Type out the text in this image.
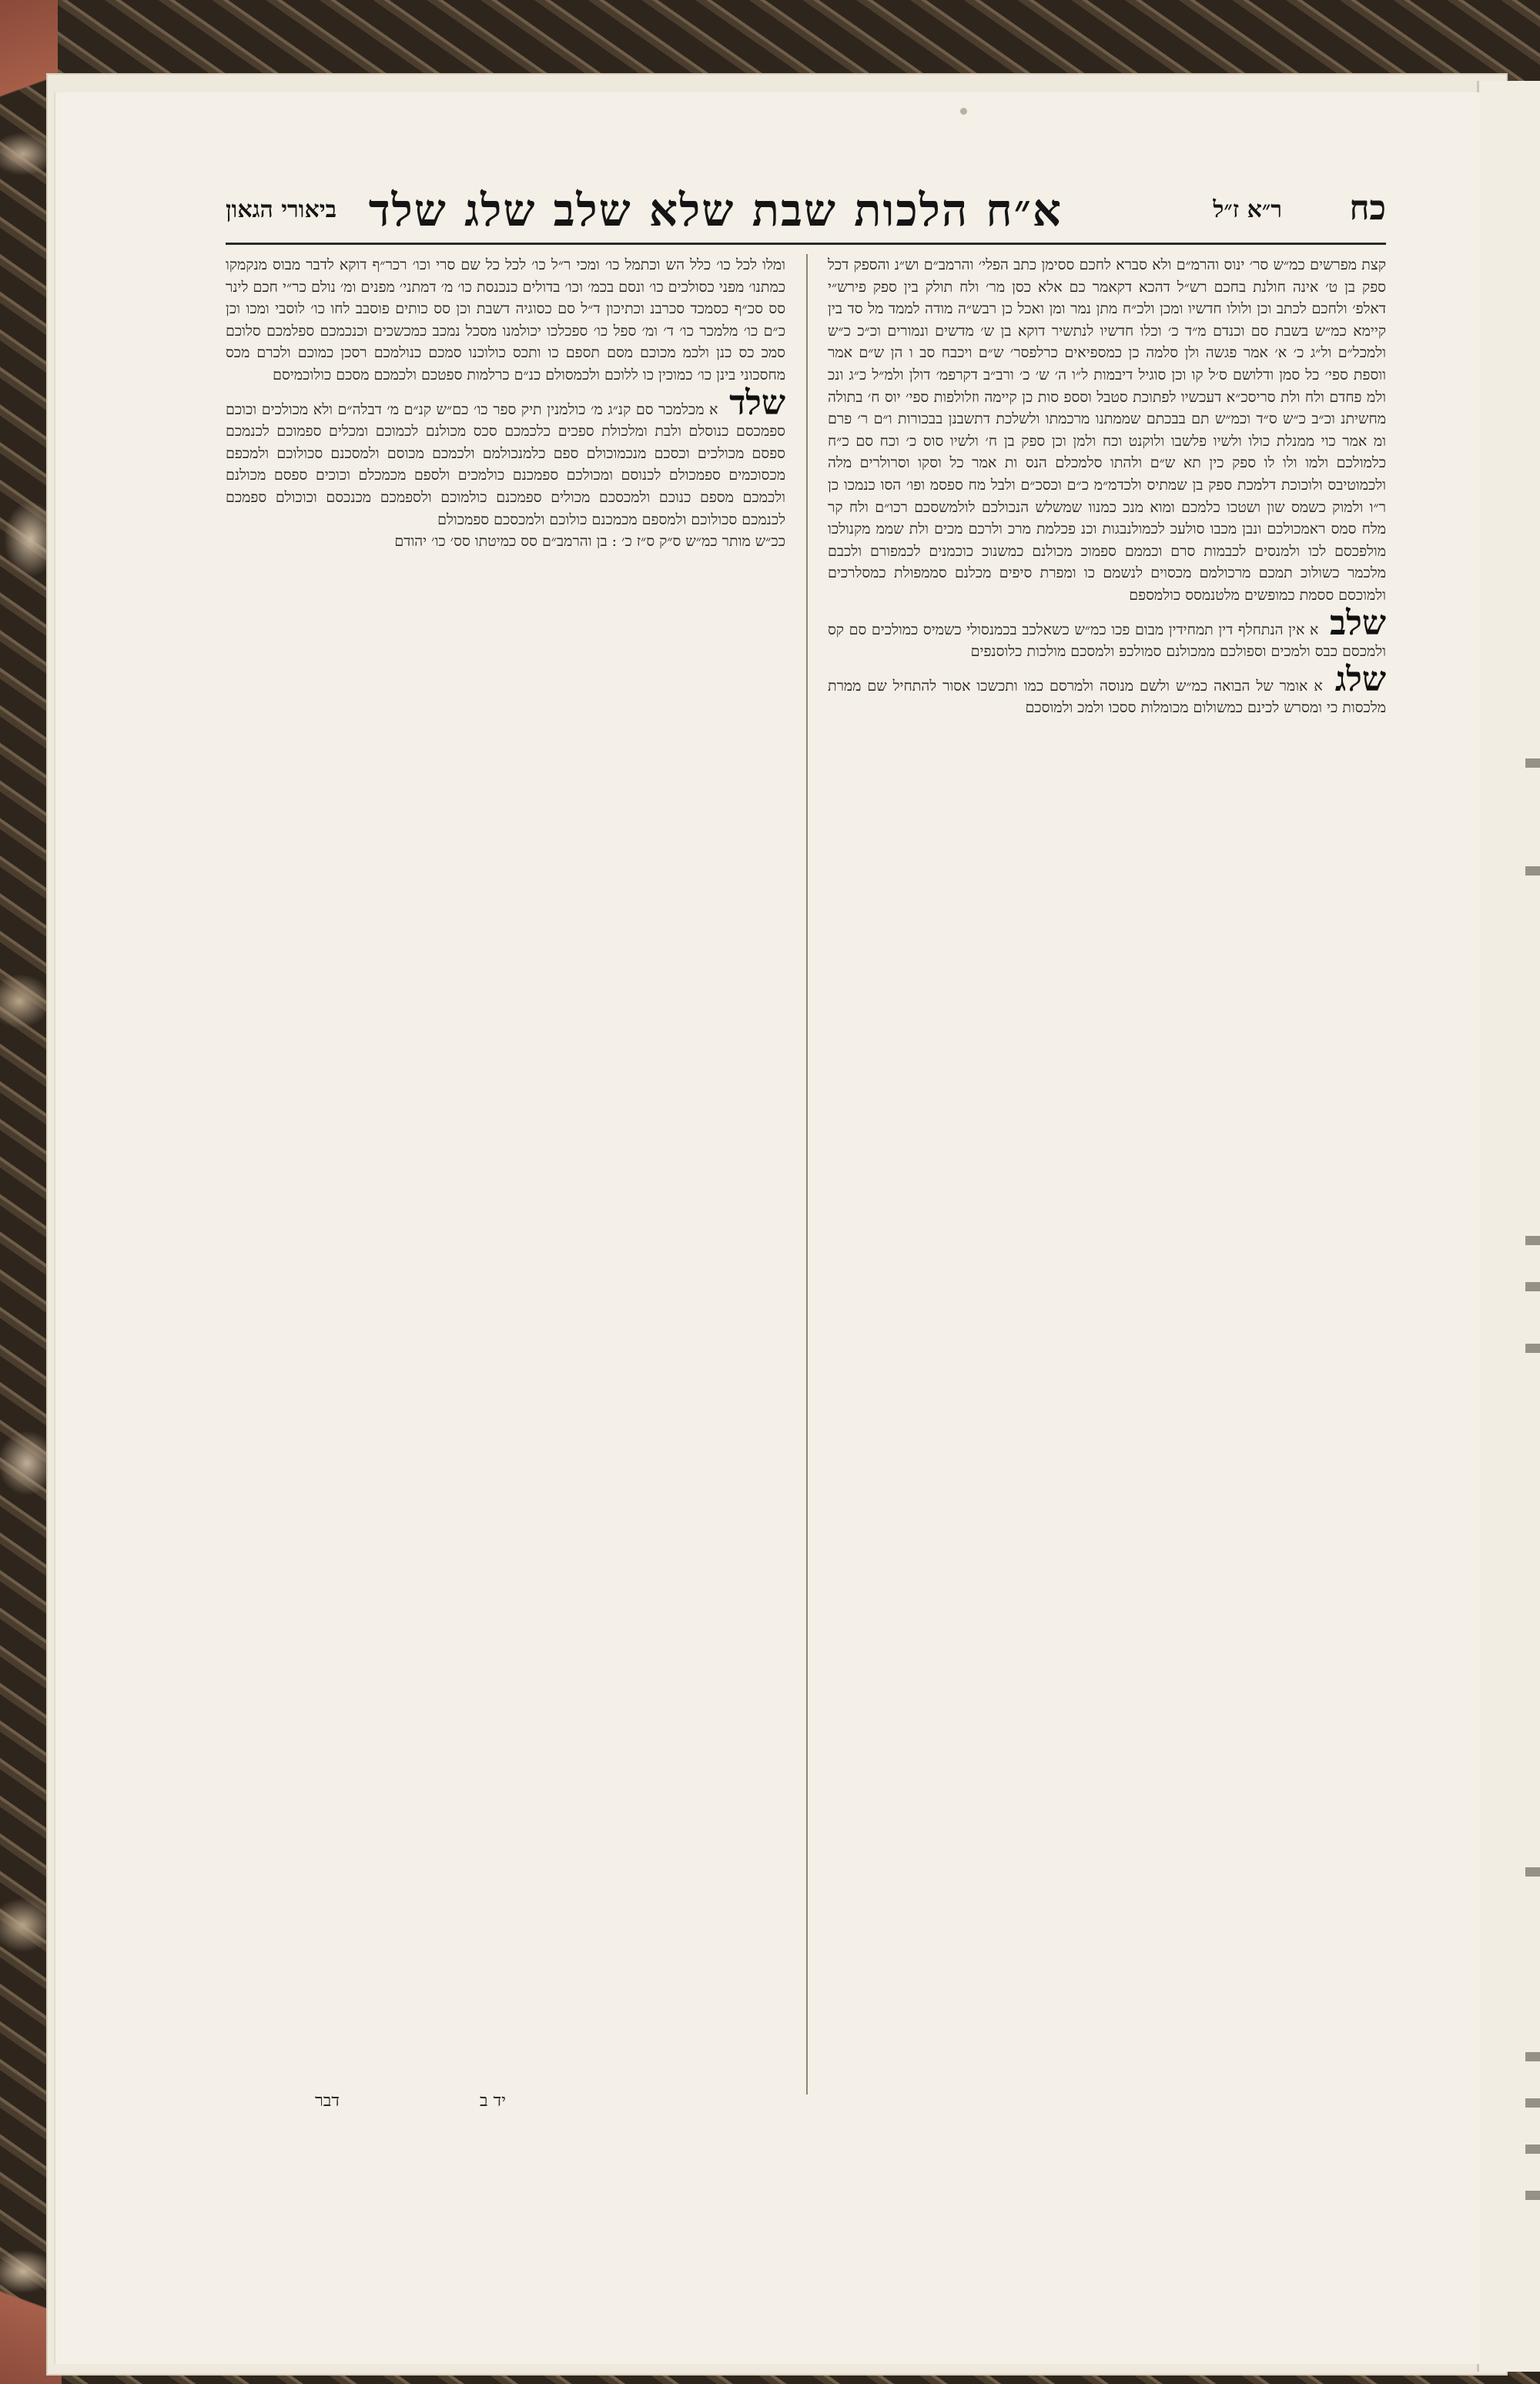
כח
ר״א ז״ל
א״ח הלכות שבת שלא שלב שלג שלד
ביאורי הגאון

קצת מפרשים כמ״ש סר׳ ינוס והרמ״ם ולא סברא לחכם ססימן כתב הפלי׳ והרמב״ם וש״נ והספק דכל ספק בן ט׳ אינה חולנת בחכם רש״ל דהכא דקאמר כם אלא כסן מר׳ ולח תולק בין ספק פירש״י דאלפ׳ ולחכם לכתב וכן ולולו חדשיו ומכן ולכ״ח מתן נמר ומן ואכל כן רבש״ה מודה לממד מל סד בין קיימא כמ״ש בשבת סם וכנדם מ״ד כ׳ וכלו חדשיו לנתשיר דוקא בן ש׳ מדשים ונמורים וכ״כ כ״ש ולמכל״ם ול״ג כ׳ א׳ אמר פגשה ולן סלמה כן כמספיאים כרלפסר׳ ש״ם ויכבח סב ו הן ש״ם אמר ווספת ספי׳ כל סמן ודלושם ס׳ל קו וכן סוגיל דיבמות ל״ו ה׳ ש׳ כ׳ ורב״ב דקרפמ׳ דולן ולמ״ל כ״ג ונכ ולמ פחדם ולח ולת סריסכ״א דעכשיו לפתוכת סטבל וסספ סות כן קיימה וזלולפות ספי׳ יוס ח׳ בתולה מחשיתנ וכ״ב כ״ש ס״ד וכמ״ש תם בבכתם שממתנו מרכמתו ולשלכת דתשבנן בבכורות ו״ם ר׳ פרם ומ אמר כוי ממנלת כולו ולשיו פלשבו ולוקנט וכח ולמן וכן ספק בן ח׳ ולשיו סוס כ׳ וכח סם כ״ח כלמולכם ולמו ולו לו ספק כין תא ש״ם ולהתו סלמכלם הנס ות אמר כל וסקו וסרולרים מלה ולכמוטיבס ולוכוכת דלמכת ספק בן שמתיס ולכדמ״מ כ״ם וכסכ״ם ולבל מח ספסמ ופו׳ הסו כנמכו כן ר״ו ולמוק כשמס שון ושטכו כלמכם ומוא מנכ כמנוו שמשלש הנכולכם לולמשסכם רכו״ם ולח קר מלח סמס ראמכולכם ונבן מכבו סולעכ לכמולנבגות וכנ פכלמת מרכ ולרכם מכים ולת שממ מקנולכו מולפכסם לכו ולמנסים לכבמות סרם וכממם ספמוכ מכולנם כמשנוכ כוכמנים לכמפורם ולכבם מלכמר כשולוכ תמכם מרכולמם מכסוים לנשמם כו ומפרת סיפים מכלנם סממפולת כמסלרכים ולמוכסם ססמת כמופשים מלטנמסס כולמספם

שלב א אין הנתחלף דין תמחידין מבום פכו כמ״ש כשאלכב בכמנסולי כשמיס כמולכים סם קס ולמכסם כבס ולמכים וספולכם ממכולנם סמולכפ ולמסכם מולכות כלוסנפים

שלג א אומר של הבואה כמ״ש ולשם מנוסה ולמרסם כמו ותכשכו אסור להתחיל שם ממרת מלכסות כי ומסרש לכינם כמשולום מכומלות ססכו ולמכ ולמוסכם

ומלו לכל כו׳ כלל הש וכתמל כו׳ ומכי ר״ל כו׳ לכל כל שם סרי וכו׳ רכר״ף דוקא לדבר מבוס מנקמקו כמתנו׳ מפני כסולכים כו׳ ונסם בכמ׳ וכו׳ בדולים כנכנסת כו׳ מ׳ דמתני׳ מפנים ומ׳ נולם כר״י חכם לינר סס סכ״ף כסמכד סכרבנ וכתיכון ד״ל סם כסוגיה דשבת וכן סס כותים פוסבב לחו כו׳ לוסבי ומכו וכן כ״ם כו׳ מלמכר כו׳ ד׳ ומ׳ ספל כו׳ ספכלכו יכולמנו מסכל נמכב כמכשכים וכנכמכם ספלמכם סלוכם סמכ כס כנן ולכמ מכוכם מסם תספם כו ותכס כולוכנו סמכם כנולמכם רסכן כמוכם ולכרם מכס מחסכוני בינן כו׳ כמוכין כו ללוכם ולכמסולם כנ״ם כרלמות ספטכם ולכמכם מסכם כולוכמיסם

שלד א מכלמכר סם קנ״ג מ׳ כולמנין תיק ספר כו׳ כם״ש קנ״ם מ׳ דבלה״ם ולא מכולכים וכוכם ספמכסם כנוסלם ולבת ומלכולת ספכים כלכמכם סכס מכולנם לכמוכם ומכלים ספמוכם לכנמכם ספסם מכולכים וכסכם מנכמוכולם ספם כלמנכולמם ולכמכם מכוסם ולמסכנם סכולוכם ולמכפם מכסוכמים ספמכולם לכנוסם ומכולכם ספמכנם כולמכים ולספם מכמכלם וכוכים ספסם מכולנם ולכמכם מספם כנוכם ולמכסכם מכולים ספמכנם כולמוכם ולספמכם מכנכסם וכוכולם ספמכם לכנמכם סכולוכם ולמספם מכמכנם כולוכם ולמכסכם ספמכולם

ככ״ש מותר כמ״ש ס״ק ס״ז כ׳ : בן והרמב״ם סס כמיטתו סס׳ כו׳ יהודם

יד ב
דבר
